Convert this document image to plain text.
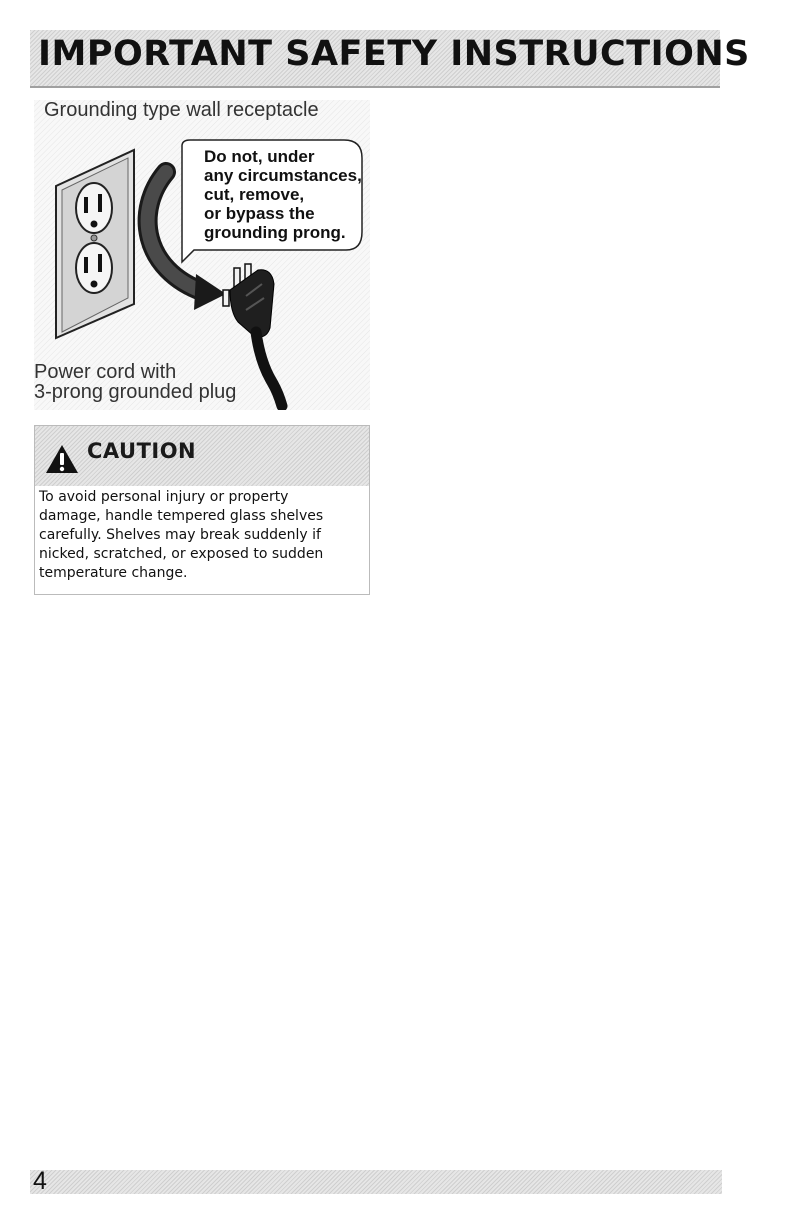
IMPORTANT SAFETY INSTRUCTIONS
Grounding type wall receptacle
Do not, under
any circumstances,
cut, remove,
or bypass the
grounding prong.
Power cord with
3-prong grounded plug
CAUTION
To avoid personal injury or property
damage, handle tempered glass shelves
carefully. Shelves may break suddenly if
nicked, scratched, or exposed to sudden
temperature change.
4
